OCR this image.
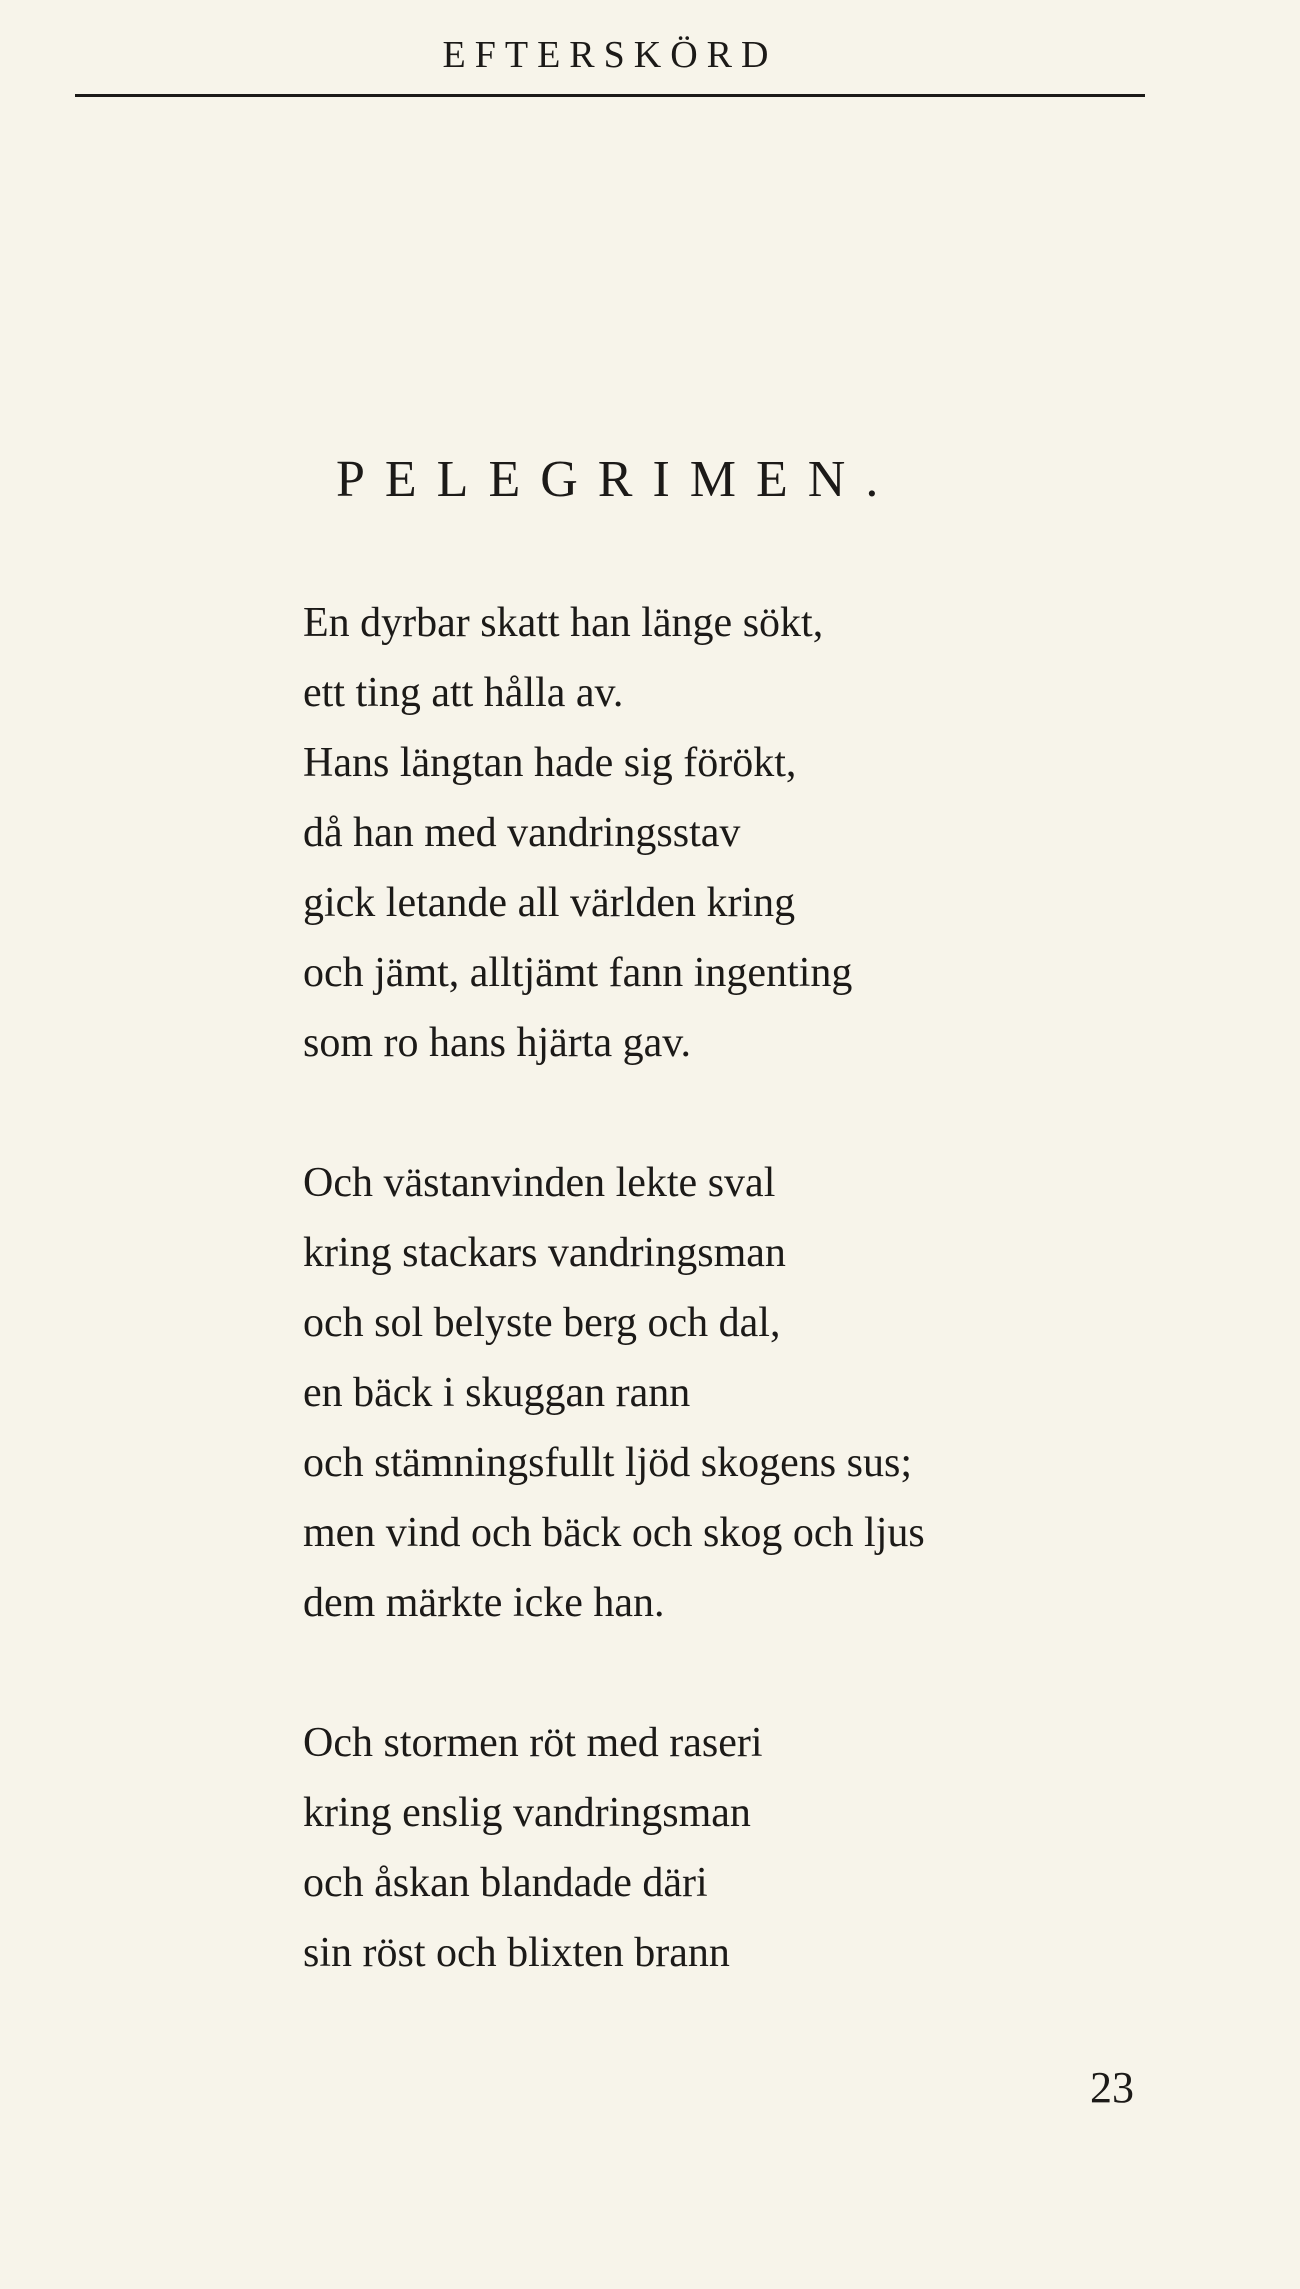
EFTERSKÖRD
PELEGRIMEN.
En dyrbar skatt han länge sökt,
ett ting att hålla av.
Hans längtan hade sig förökt,
då han med vandringsstav
gick letande all världen kring
och jämt, alltjämt fann ingenting
som ro hans hjärta gav.
Och västanvinden lekte sval
kring stackars vandringsman
och sol belyste berg och dal,
en bäck i skuggan rann
och stämningsfullt ljöd skogens sus;
men vind och bäck och skog och ljus
dem märkte icke han.
Och stormen röt med raseri
kring enslig vandringsman
och åskan blandade däri
sin röst och blixten brann
23
